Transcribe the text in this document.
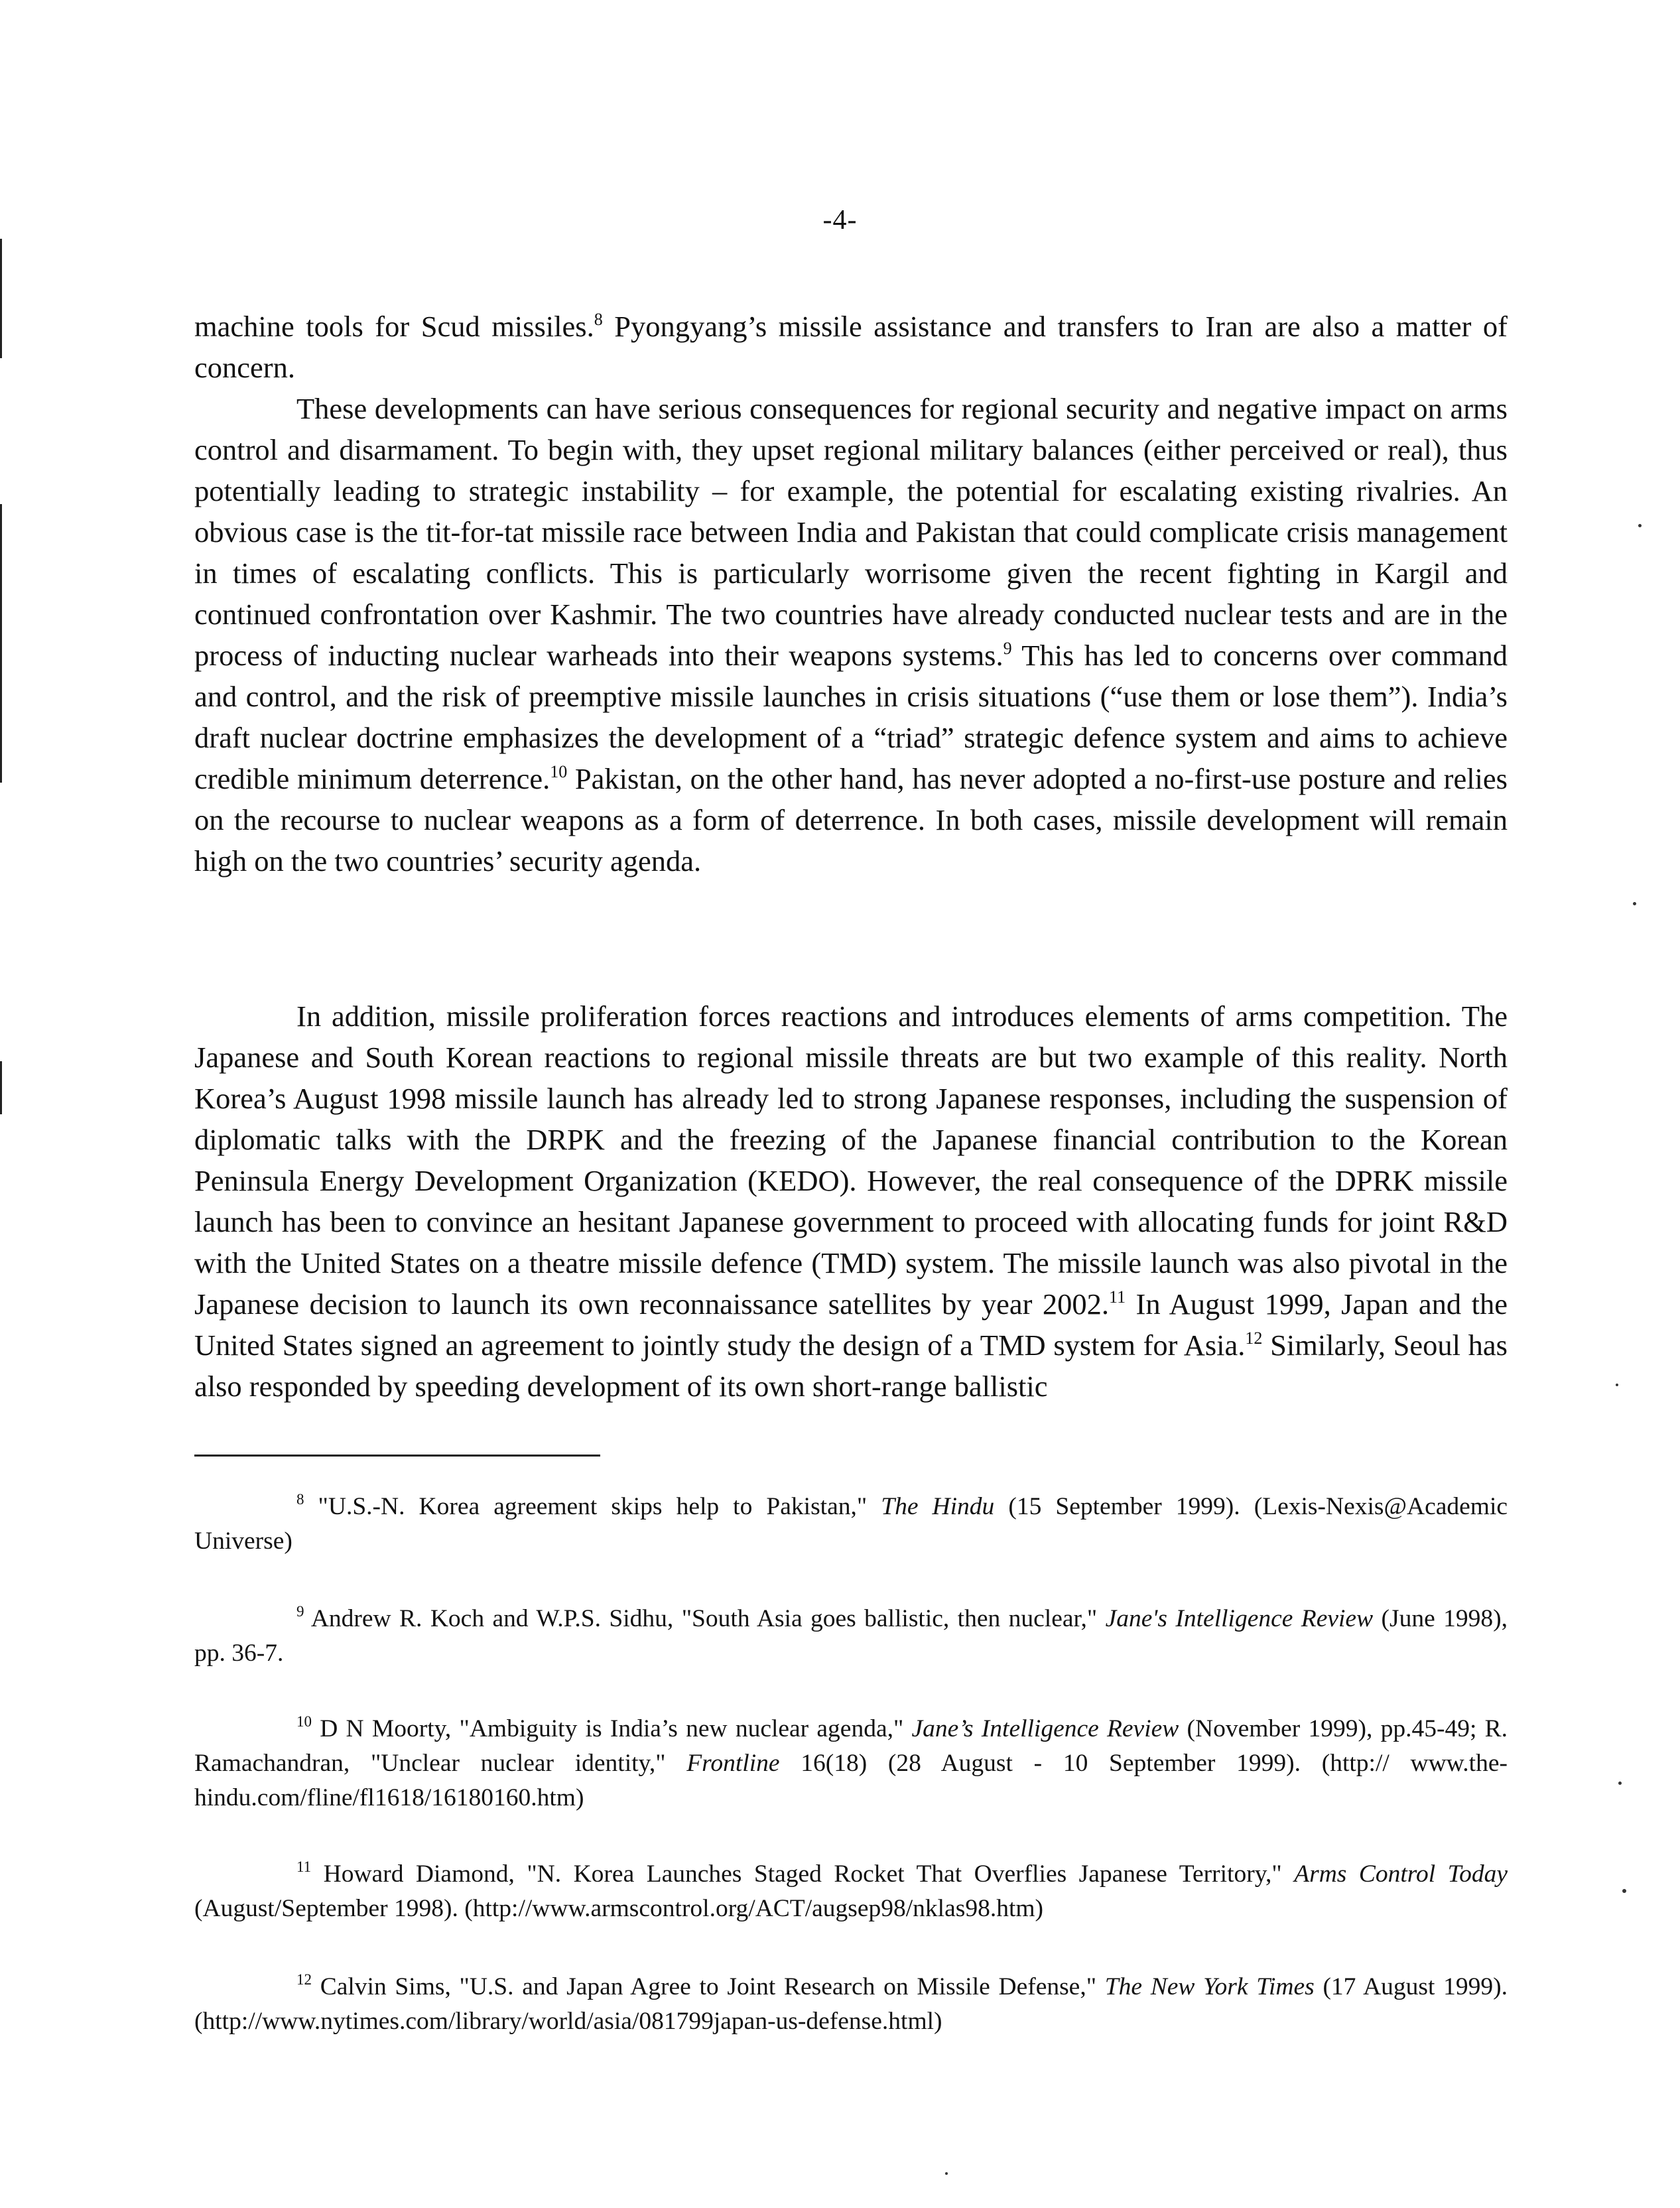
-4-

machine tools for Scud missiles.$^8$ Pyongyang’s missile assistance and transfers to Iran are also a matter of concern.

These developments can have serious consequences for regional security and negative impact on arms control and disarmament. To begin with, they upset regional military balances (either perceived or real), thus potentially leading to strategic instability – for example, the potential for escalating existing rivalries. An obvious case is the tit-for-tat missile race between India and Pakistan that could complicate crisis management in times of escalating conflicts. This is particularly worrisome given the recent fighting in Kargil and continued confrontation over Kashmir. The two countries have already conducted nuclear tests and are in the process of inducting nuclear warheads into their weapons systems.$^9$ This has led to concerns over command and control, and the risk of preemptive missile launches in crisis situations (“use them or lose them”). India’s draft nuclear doctrine emphasizes the development of a “triad” strategic defence system and aims to achieve credible minimum deterrence.$^{10}$ Pakistan, on the other hand, has never adopted a no-first-use posture and relies on the recourse to nuclear weapons as a form of deterrence. In both cases, missile development will remain high on the two countries’ security agenda.

In addition, missile proliferation forces reactions and introduces elements of arms competition. The Japanese and South Korean reactions to regional missile threats are but two example of this reality. North Korea’s August 1998 missile launch has already led to strong Japanese responses, including the suspension of diplomatic talks with the DRPK and the freezing of the Japanese financial contribution to the Korean Peninsula Energy Development Organization (KEDO). However, the real consequence of the DPRK missile launch has been to convince an hesitant Japanese government to proceed with allocating funds for joint R&D with the United States on a theatre missile defence (TMD) system. The missile launch was also pivotal in the Japanese decision to launch its own reconnaissance satellites by year 2002.11 In August 1999, Japan and the United States signed an agreement to jointly study the design of a TMD system for Asia.$^{12}$ Similarly, Seoul has also responded by speeding development of its own short-range ballistic

$^8$ "U.S.-N. Korea agreement skips help to Pakistan," The Hindu (15 September 1999). (Lexis-Nexis@Academic Universe)

$^9$ Andrew R. Koch and W.P.S. Sidhu, "South Asia goes ballistic, then nuclear," Jane's Intelligence Review (June 1998), pp. 36-7.

$^{10}$ D N Moorty, "Ambiguity is India’s new nuclear agenda," Jane’s Intelligence Review (November 1999), pp.45-49; R. Ramachandran, "Unclear nuclear identity," Frontline 16(18) (28 August - 10 September 1999). (http:// www.the-hindu.com/fline/fl1618/16180160.htm)

$^{11}$ Howard Diamond, "N. Korea Launches Staged Rocket That Overflies Japanese Territory," Arms Control Today (August/September 1998). (http://www.armscontrol.org/ACT/augsep98/nklas98.htm)

$^{12}$ Calvin Sims, "U.S. and Japan Agree to Joint Research on Missile Defense," The New York Times (17 August 1999). (http://www.nytimes.com/library/world/asia/081799japan-us-defense.html)
